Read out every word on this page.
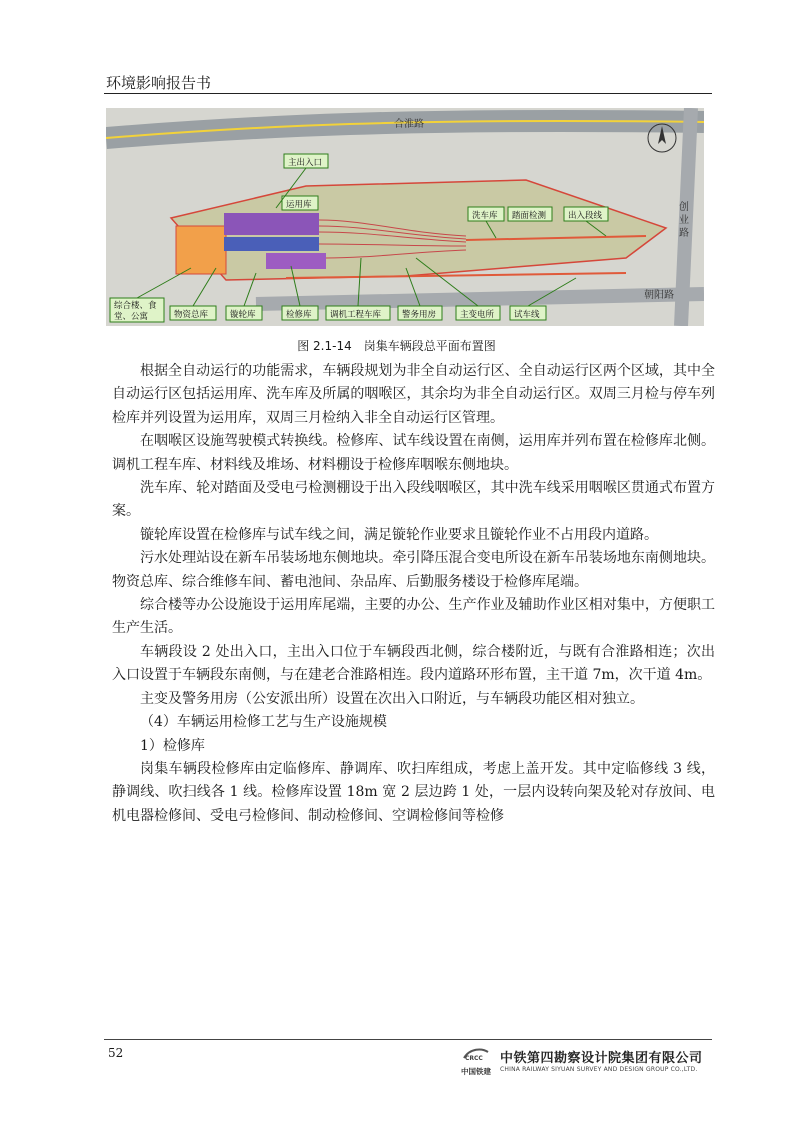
环境影响报告书
合淮路
朝阳路
创
业
路
主出入口
运用库
洗车库 踏面检测	出入段线
综合楼、食
堂、公寓	物资总库	镟轮库	检修库 调机工程车库 警务用房	主变电所 试车线
图 2.1-14 岗集车辆段总平面布置图

根据全自动运行的功能需求，车辆段规划为非全自动运行区、全自动运行区两个区域，其中全自动运行区包括运用库、洗车库及所属的咽喉区，其余均为非全自动运行区。双周三月检与停车列检库并列设置为运用库，双周三月检纳入非全自动运行区管理。

在咽喉区设施驾驶模式转换线。检修库、试车线设置在南侧，运用库并列布置在检修库北侧。 调机工程车库、材料线及堆场、材料棚设于检修库咽喉东侧地块。

洗车库、轮对踏面及受电弓检测棚设于出入段线咽喉区，其中洗车线采用咽喉区贯通式布置方案。

镟轮库设置在检修库与试车线之间，满足镟轮作业要求且镟轮作业不占用段内道路。

污水处理站设在新车吊装场地东侧地块。牵引降压混合变电所设在新车吊装场地东南侧地块。物资总库、综合维修车间、蓄电池间、杂品库、后勤服务楼设于检修库尾端。

综合楼等办公设施设于运用库尾端，主要的办公、生产作业及辅助作业区相对集中，方便职工生产生活。

车辆段设 2 处出入口，主出入口位于车辆段西北侧，综合楼附近，与既有合淮路相连；次出入口设置于车辆段东南侧，与在建老合淮路相连。段内道路环形布置，主干道 7m，次干道 4m。

主变及警务用房（公安派出所）设置在次出入口附近，与车辆段功能区相对独立。

（4）车辆运用检修工艺与生产设施规模

1）检修库

岗集车辆段检修库由定临修库、静调库、吹扫库组成，考虑上盖开发。其中定临修线 3 线，静调线、吹扫线各 1 线。检修库设置 18m 宽 2 层边跨 1 处，一层内设转向架及轮对存放间、电机电器检修间、受电弓检修间、制动检修间、空调检修间等检修

52	CRCC
中国铁建
中铁第四勘察设计院集团有限公司
CHINA RAILWAY SIYUAN SURVEY AND DESIGN GROUP CO.,LTD.
